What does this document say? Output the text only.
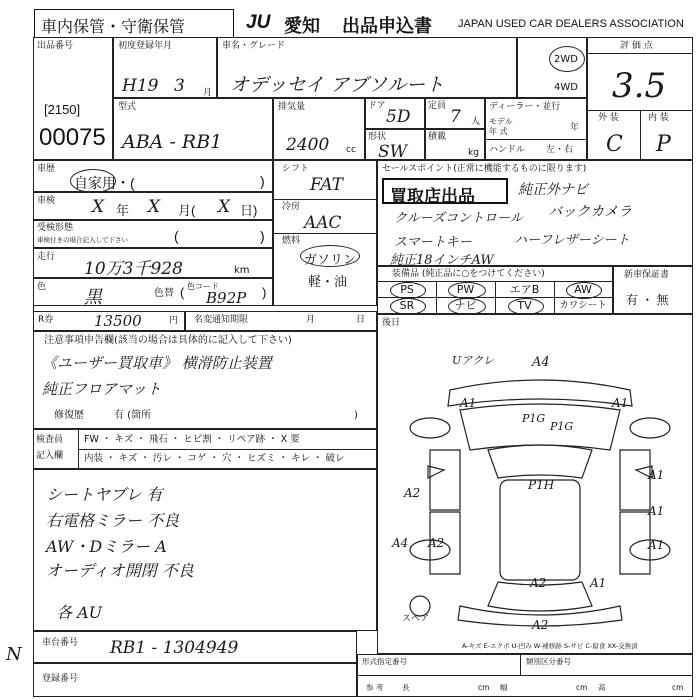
車内保管・守衛保管	JU 愛知 出品申込書 JAPAN USED CAR DEALERS ASSOCIATION
出品番号
[2150]
00075
初度登録年月
H19 3 月
車名・グレード
オデッセイ アブソルート
2WD
4WD
評 価 点
3.5
外 装	内 装
C P
型式
ABA - RB1
排気量
2400 cc
ドア
5D
定員
7 人
形状
SW
積載
kg
ディーラー・並行
モデル
年 式	年
ハンドル 左・右
車歴
自家用・(	)
車検 X 年 X 月( X 日)
受検形態
車検付きの場合記入して下さい	(	)
走行
10万3千928	km
色 黒	色替 ( 色コード
B92P )
シフト
FAT
冷房
AAC
燃料
ガソリン
軽・油
セールスポイント(正常に機能するものに限ります)
買取店出品	純正外ナビ
クルーズコントロール バックカメラ
スマートキー	ハーフレザーシート
純正18インチAW
装備品 (純正品に○をつけてください)
PS	PW	エアB	AW
SR	ナビ	TV	カワシート
新車保証書
有 ・ 無
R券	13500	円 名変通知期限	月	日
注意事項申告欄(該当の場合は具体的に記入して下さい)
《ユーザー買取車》 横滑防止装置
純正フロアマット
修復歴	有 (箇所	)
検査員
記入欄
FW ・ キズ ・ 飛石 ・ ヒビ割 ・ リペア跡 ・ X 要
内装 ・ キズ ・ 汚レ ・ コゲ ・ 穴 ・ ヒズミ ・ キレ ・ 破レ
シートヤブレ 有
右電格ミラー 不良
AW・Dミラー A
オーディオ開閉 不良
各 AU
車台番号 RB1 - 1304949
登録番号
N
後日
Uアクレ	A4
A1	A1
P1G
P1G
P1H
A2
A1
A1
A4 A2	A1
A2
A2
A1
スペア
A-キズ E-エクボ U-凹み W-補修跡 S-サビ C-腐食 XX-交換済
形式指定番号	類別区分番号
参 考 長	cm 幅	cm 高	cm
